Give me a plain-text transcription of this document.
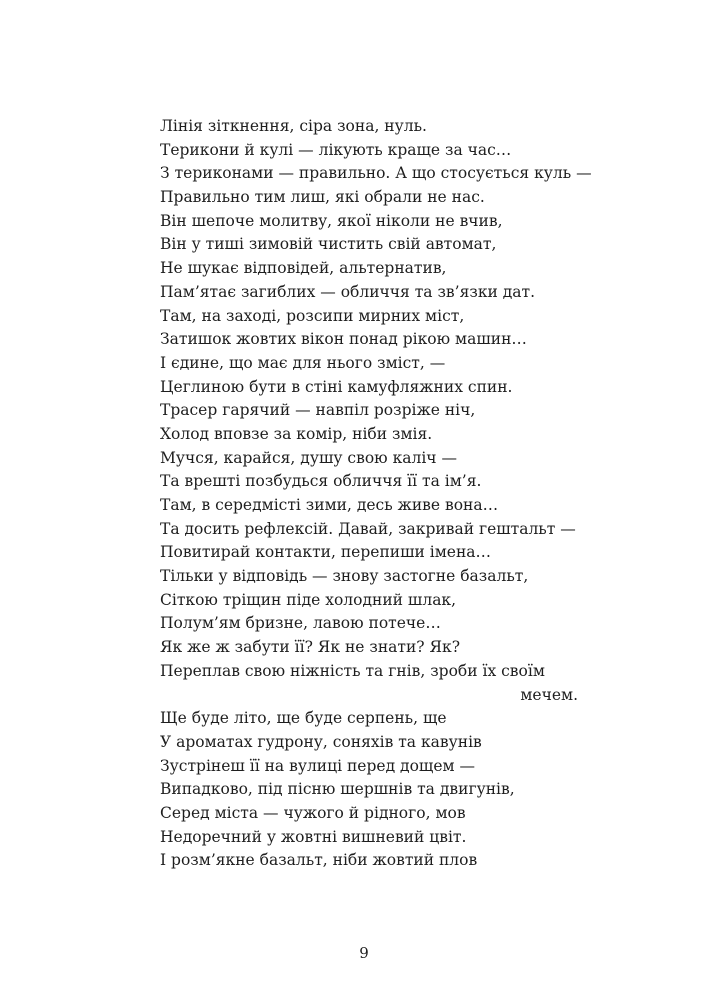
Лінія зіткнення, сіра зона, нуль.
Терикони й кулі — лікують краще за час…
З териконами — правильно. А що стосується куль —
Правильно тим лиш, які обрали не нас.
Він шепоче молитву, якої ніколи не вчив,
Він у тиші зимовій чистить свій автомат,
Не шукає відповідей, альтернатив,
Пам’ятає загиблих — обличчя та зв’язки дат.
Там, на заході, розсипи мирних міст,
Затишок жовтих вікон понад рікою машин…
І єдине, що має для нього зміст, —
Цеглиною бути в стіні камуфляжних спин.
Трасер гарячий — навпіл розріже ніч,
Холод вповзе за комір, ніби змія.
Мучся, карайся, душу свою каліч —
Та врешті позбудься обличчя її та ім’я.
Там, в середмісті зими, десь живе вона…
Та досить рефлексій. Давай, закривай гештальт —
Повитирай контакти, перепиши імена…
Тільки у відповідь — знову застогне базальт,
Сіткою тріщин піде холодний шлак,
Полум’ям бризне, лавою потече…
Як же ж забути її? Як не знати? Як?
Переплав свою ніжність та гнів, зроби їх своїм
мечем.
Ще буде літо, ще буде серпень, ще
У ароматах гудрону, соняхів та кавунів
Зустрінеш її на вулиці перед дощем —
Випадково, під пісню шершнів та двигунів,
Серед міста — чужого й рідного, мов
Недоречний у жовтні вишневий цвіт.
І розм’якне базальт, ніби жовтий плов
9
